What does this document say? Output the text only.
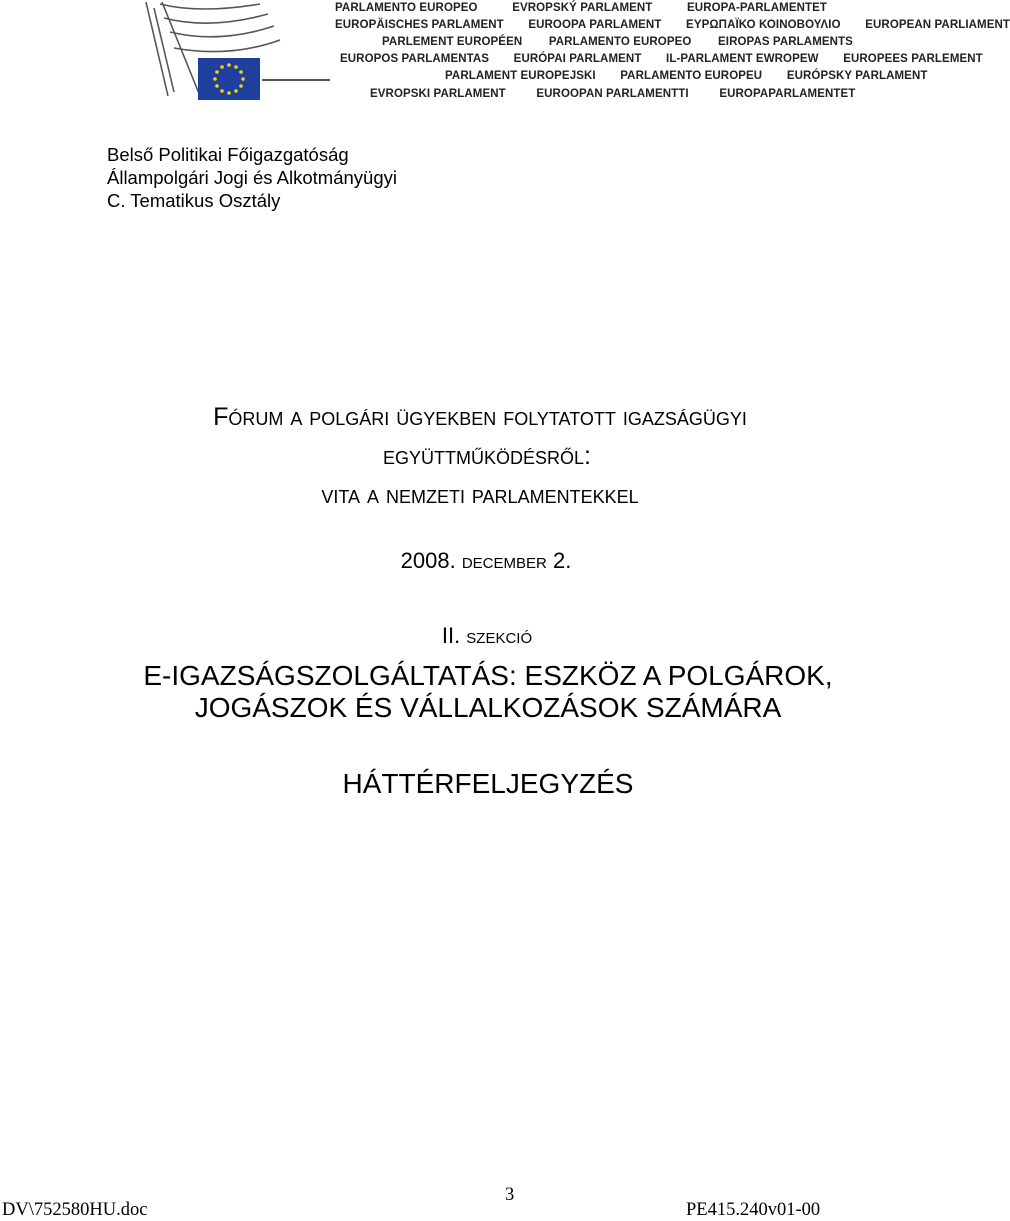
PARLAMENTO EUROPEO	EVROPSKÝ PARLAMENT	EUROPA-PARLAMENTET
EUROPÄISCHES PARLAMENT EUROOPA PARLAMENT ΕΥΡΩΠΑΪΚΟ ΚΟΙΝΟΒΟΥΛΙΟ EUROPEAN PARLIAMENT
PARLEMENT EUROPÉEN PARLAMENTO EUROPEO EIROPAS PARLAMENTS
EUROPOS PARLAMENTAS EURÓPAI PARLAMENT IL-PARLAMENT EWROPEW EUROPEES PARLEMENT
PARLAMENT EUROPEJSKI PARLAMENTO EUROPEU EURÓPSKY PARLAMENT
EVROPSKI PARLAMENT	EUROOPAN PARLAMENTTI	EUROPAPARLAMENTET
Belső Politikai Főigazgatóság
Állampolgári Jogi és Alkotmányügyi
C. Tematikus Osztály
Fórum a polgári ügyekben folytatott igazságügyi
együttműködésről:
vita a nemzeti parlamentekkel
2008. december 2.
II. szekció
E-IGAZSÁGSZOLGÁLTATÁS: ESZKÖZ A POLGÁROK,
JOGÁSZOK ÉS VÁLLALKOZÁSOK SZÁMÁRA
HÁTTÉRFELJEGYZÉS
DV\752580HU.doc
3
PE415.240v01-00
